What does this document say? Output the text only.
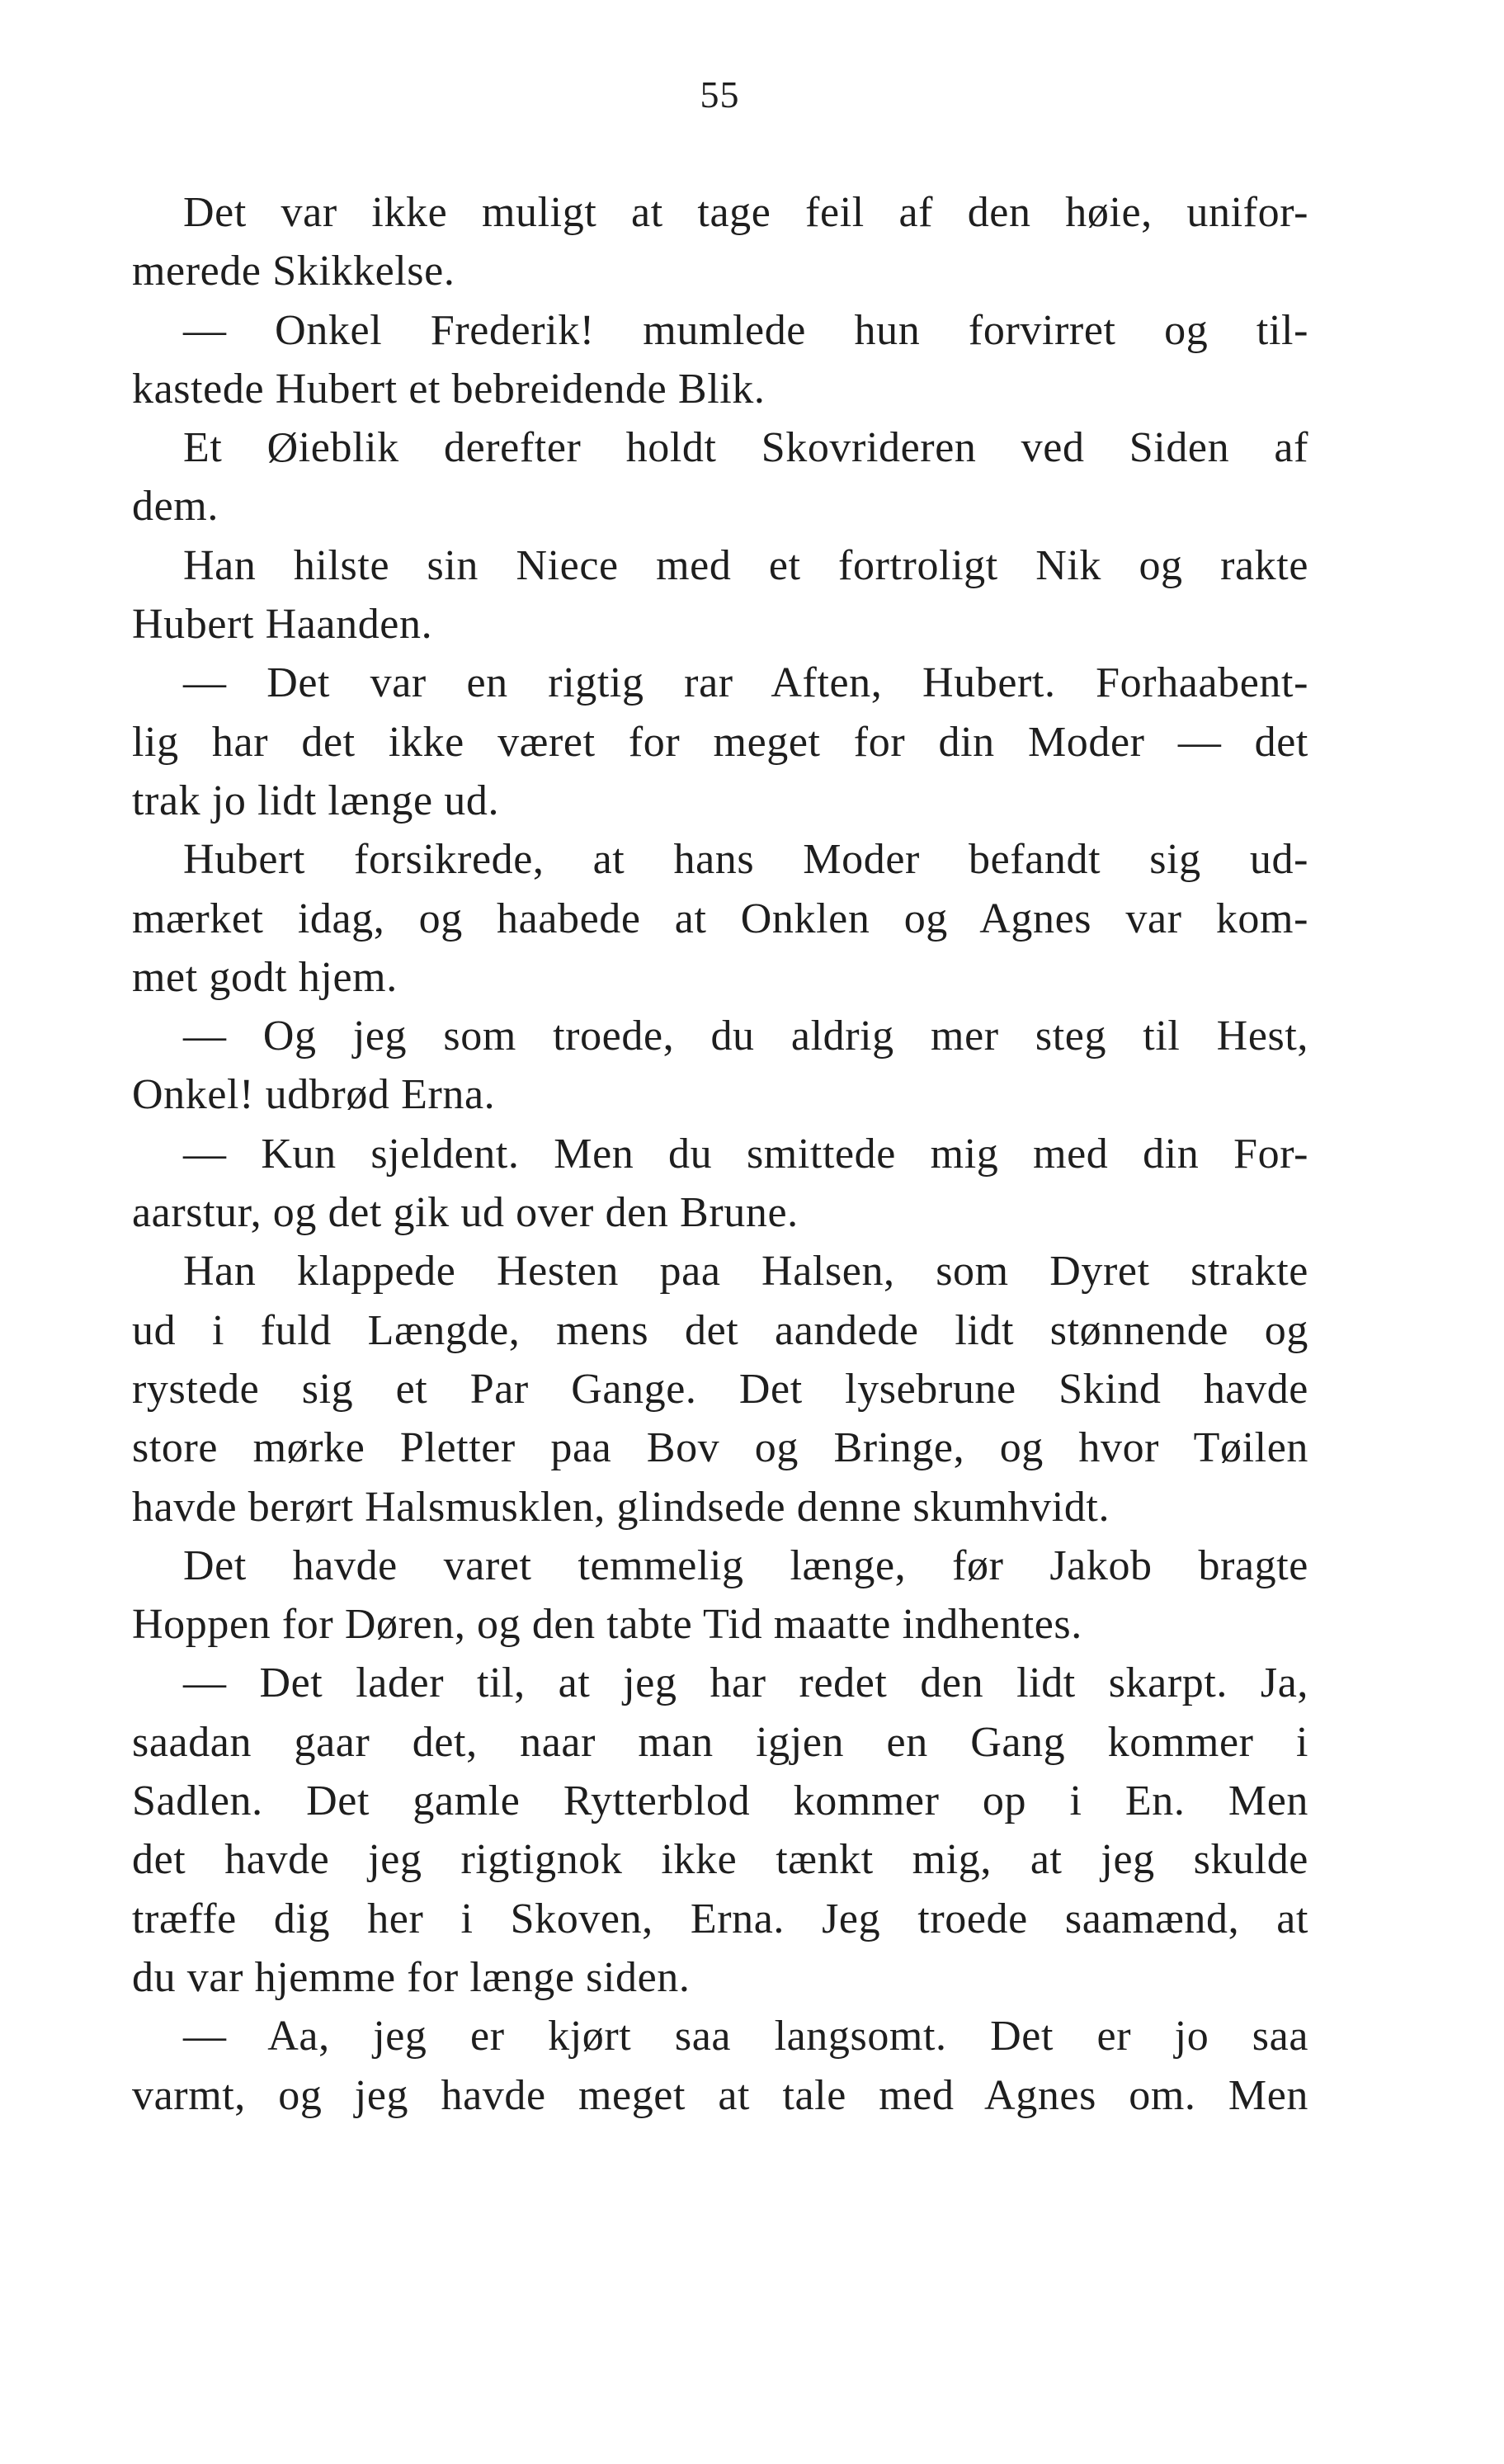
55
Det var ikke muligt at tage feil af den høie, unifor-
merede Skikkelse.
— Onkel Frederik! mumlede hun forvirret og til-
kastede Hubert et bebreidende Blik.
Et Øieblik derefter holdt Skovrideren ved Siden af
dem.
Han hilste sin Niece med et fortroligt Nik og rakte
Hubert Haanden.
— Det var en rigtig rar Aften, Hubert. Forhaabent-
lig har det ikke været for meget for din Moder — det
trak jo lidt længe ud.
Hubert forsikrede, at hans Moder befandt sig ud-
mærket idag, og haabede at Onklen og Agnes var kom-
met godt hjem.
— Og jeg som troede, du aldrig mer steg til Hest,
Onkel! udbrød Erna.
— Kun sjeldent. Men du smittede mig med din For-
aarstur, og det gik ud over den Brune.
Han klappede Hesten paa Halsen, som Dyret strakte
ud i fuld Længde, mens det aandede lidt stønnende og
rystede sig et Par Gange. Det lysebrune Skind havde
store mørke Pletter paa Bov og Bringe, og hvor Tøilen
havde berørt Halsmusklen, glindsede denne skumhvidt.
Det havde varet temmelig længe, før Jakob bragte
Hoppen for Døren, og den tabte Tid maatte indhentes.
— Det lader til, at jeg har redet den lidt skarpt. Ja,
saadan gaar det, naar man igjen en Gang kommer i
Sadlen. Det gamle Rytterblod kommer op i En. Men
det havde jeg rigtignok ikke tænkt mig, at jeg skulde
træffe dig her i Skoven, Erna. Jeg troede saamænd, at
du var hjemme for længe siden.
— Aa, jeg er kjørt saa langsomt. Det er jo saa
varmt, og jeg havde meget at tale med Agnes om. Men
